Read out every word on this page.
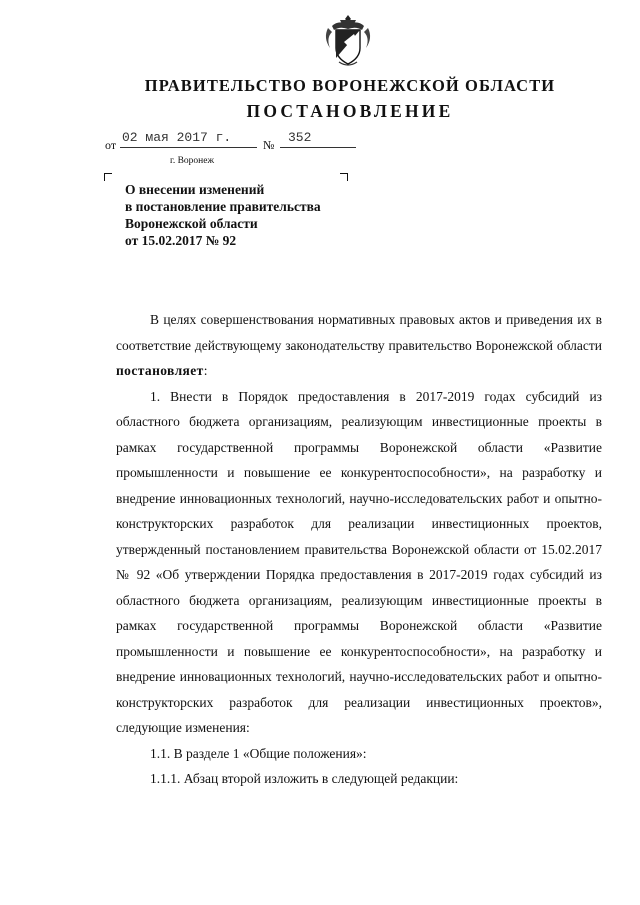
ПРАВИТЕЛЬСТВО ВОРОНЕЖСКОЙ ОБЛАСТИ
ПОСТАНОВЛЕНИЕ
от 02 мая 2017 г.	№	352
г. Воронеж
О внесении изменений
в постановление правительства
Воронежской области
от 15.02.2017 № 92

В целях совершенствования нормативных правовых актов и приведения их в соответствие действующему законодательству правительство Воронежской области постановляет:

1. Внести в Порядок предоставления в 2017-2019 годах субсидий из областного бюджета организациям, реализующим инвестиционные проекты в рамках государственной программы Воронежской области «Развитие промышленности и повышение ее конкурентоспособности», на разработку и внедрение инновационных технологий, научно-исследовательских работ и опытно-конструкторских разработок для реализации инвестиционных проектов, утвержденный постановлением правительства Воронежской области от 15.02.2017 № 92 «Об утверждении Порядка предоставления в 2017-2019 годах субсидий из областного бюджета организациям, реализующим инвестиционные проекты в рамках государственной программы Воронежской области «Развитие промышленности и повышение ее конкурентоспособности», на разработку и внедрение инновационных технологий, научно-исследовательских работ и опытно-конструкторских разработок для реализации инвестиционных проектов», следующие изменения:

1.1. В разделе 1 «Общие положения»:

1.1.1. Абзац второй изложить в следующей редакции:
